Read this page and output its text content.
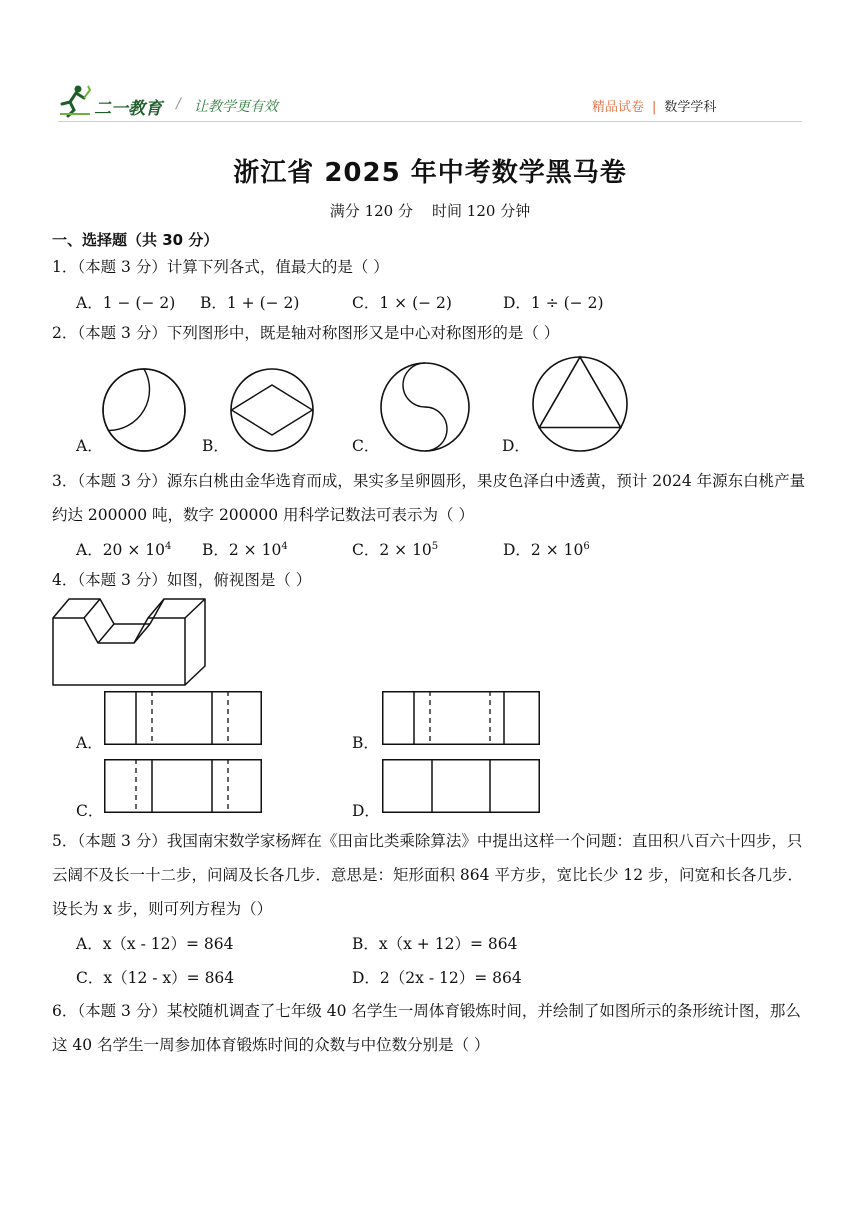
二一教育 / 让教学更有效	精品试卷 | 数学学科
浙江省 2025 年中考数学黑马卷
满分 120 分    时间 120 分钟
一、选择题（共 30 分）
1．（本题 3 分）计算下列各式，值最大的是（ ）
A．1 − (− 2) B．1 + (− 2)	C．1 × (− 2)	D．1 ÷ (− 2)
2．（本题 3 分）下列图形中，既是轴对称图形又是中心对称图形的是（ ）
A．	B．	C．	D．
3．（本题 3 分）源东白桃由金华选育而成，果实多呈卵圆形，果皮色泽白中透黄，预计 2024 年源东白桃产量约达 200000 吨，数字 200000 用科学记数法可表示为（ ）
A．$20 \times 10^4$ B．$2 \times 10^4$	C．$2 \times 10^5$	D．$2 \times 10^6$
4．（本题 3 分）如图，俯视图是（ ）
A．	B．
C．	D．
5．（本题 3 分）我国南宋数学家杨辉在《田亩比类乘除算法》中提出这样一个问题：直田积八百六十四步，只云阔不及长一十二步，问阔及长各几步．意思是：矩形面积 864 平方步，宽比长少 12 步，问宽和长各几步．设长为 x 步，则可列方程为（）
A．x（x - 12）= 864	B．x（x + 12）= 864
C．x（12 - x）= 864	D．2（2x - 12）= 864
6．（本题 3 分）某校随机调查了七年级 40 名学生一周体育锻炼时间，并绘制了如图所示的条形统计图，那么这 40 名学生一周参加体育锻炼时间的众数与中位数分别是（ ）
